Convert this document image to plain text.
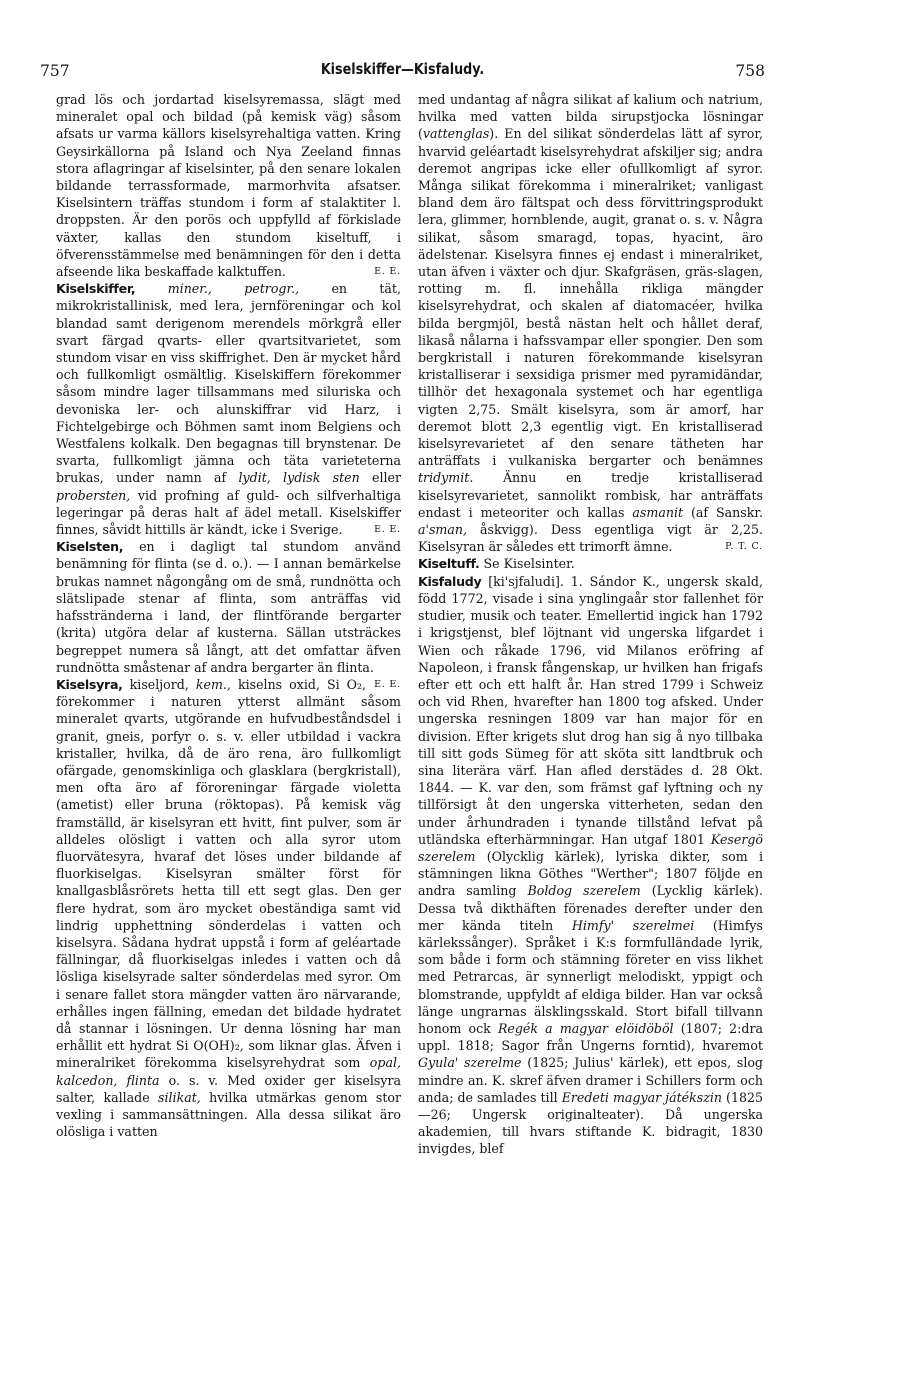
757	Kiselskiffer—Kisfaludy.	758

grad lös och jordartad kiselsyremassa, slägt med mineralet opal och bildad (på kemisk väg) såsom afsats ur varma källors kiselsyrehaltiga vatten. Kring Geysirkällorna på Island och Nya Zeeland finnas stora aflagringar af kiselsinter, på den senare lokalen bildande terrassformade, marmorhvita afsatser. Kiselsintern träffas stundom i form af stalaktiter l. droppsten. Är den porös och uppfylld af förkislade växter, kallas den stundom kiseltuff, i öfverensstämmelse med benämningen för den i detta afseende lika beskaffade kalktuffen.	E. E.

Kiselskiffer,	miner., petrogr.,	en tät, mikrokristallinisk, med lera, jernföreningar och kol blandad samt derigenom merendels mörkgrå eller svart färgad qvarts- eller qvartsitvarietet, som stundom visar en viss skiffrighet. Den är mycket hård och fullkomligt osmältlig. Kiselskiffern förekommer såsom mindre lager tillsammans med siluriska och devoniska ler- och alunskiffrar vid Harz, i Fichtelgebirge och Böhmen samt inom Belgiens och Westfalens kolkalk. Den begagnas till brynstenar. De svarta, fullkomligt jämna och täta varieteterna brukas, under namn af lydit, lydisk sten eller probersten, vid profning af guld- och silfverhaltiga legeringar på deras halt af ädel metall. Kiselskiffer finnes, såvidt hittills är kändt, icke i Sverige.	E. E.

Kiselsten, en i dagligt tal stundom använd benämning för flinta (se d. o.). — I annan bemärkelse brukas namnet någongång om de små, rundnötta och slätslipade stenar af flinta, som anträffas vid hafsstränderna i land, der flintförande bergarter (krita) utgöra delar af kusterna. Sällan utsträckes begreppet numera så långt, att det omfattar äfven rundnötta småstenar af andra bergarter än flinta.
E. E.

Kiselsyra, kiseljord, kem., kiselns oxid, Si O₂, förekommer i naturen ytterst allmänt såsom mineralet qvarts, utgörande en hufvudbeståndsdel i granit, gneis, porfyr o. s. v. eller utbildad i vackra kristaller, hvilka, då de äro rena, äro fullkomligt ofärgade, genomskinliga och glasklara (bergkristall), men ofta äro af föroreningar färgade violetta (ametist) eller bruna (röktopas). På kemisk väg framställd, är kiselsyran ett hvitt, fint pulver, som är alldeles olösligt i vatten och alla syror utom fluorvätesyra, hvaraf det löses under bildande af fluorkiselgas. Kiselsyran smälter först för knallgasblåsrörets hetta till ett segt glas. Den ger flere hydrat, som äro mycket obeständiga samt vid lindrig upphettning sönderdelas i vatten och kiselsyra. Sådana hydrat uppstå i form af geléartade fällningar, då fluorkiselgas inledes i vatten och då lösliga kiselsyrade salter sönderdelas med syror. Om i senare fallet stora mängder vatten äro närvarande, erhålles ingen fällning, emedan det bildade hydratet då stannar i lösningen. Ur denna lösning har man erhållit ett hydrat Si O(OH)₂, som liknar glas. Äfven i mineralriket förekomma kiselsyrehydrat som opal, kalcedon, flinta o. s. v. Med oxider ger kiselsyra salter, kallade silikat, hvilka utmärkas genom stor vexling i sammansättningen. Alla dessa silikat äro olösliga i vatten

med undantag af några silikat af kalium och natrium, hvilka med vatten bilda sirupstjocka lösningar (vattenglas). En del silikat sönderdelas lätt af syror, hvarvid geléartadt kiselsyrehydrat afskiljer sig; andra deremot angripas icke eller ofullkomligt af syror. Många silikat förekomma i mineralriket; vanligast bland dem äro fältspat och dess förvittringsprodukt lera, glimmer, hornblende, augit, granat o. s. v. Några silikat, såsom smaragd, topas, hyacint, äro ädelstenar. Kiselsyra finnes ej endast i mineralriket, utan äfven i växter och djur. Skafgräsen, gräs-slagen, rotting m. fl. innehålla rikliga mängder kiselsyrehydrat, och skalen af diatomacéer, hvilka bilda bergmjöl, bestå nästan helt och hållet deraf, likaså nålarna i hafssvampar eller spongier. Den som bergkristall i naturen förekommande kiselsyran kristalliserar i sexsidiga prismer med pyramidändar, tillhör det hexagonala systemet och har egentliga vigten 2,75. Smält kiselsyra, som är amorf, har deremot blott 2,3 egentlig vigt. En kristalliserad kiselsyrevarietet af den senare tätheten har anträffats i vulkaniska bergarter och benämnes tridymit. Ännu en tredje kristalliserad kiselsyrevarietet, sannolikt rombisk, har anträffats endast i meteoriter och kallas asmanit (af Sanskr. a'sman, åskvigg). Dess egentliga vigt är 2,25. Kiselsyran är således ett trimorft ämne.	P. T. C.

Kiseltuff. Se Kiselsinter.

Kisfaludy [ki'sjfaludi]. 1. Sándor K., ungersk skald, född 1772, visade i sina ynglingaår stor fallenhet för studier, musik och teater. Emellertid ingick han 1792 i krigstjenst, blef löjtnant vid ungerska lifgardet i Wien och råkade 1796, vid Milanos eröfring af Napoleon, i fransk fångenskap, ur hvilken han frigafs efter ett och ett halft år. Han stred 1799 i Schweiz och vid Rhen, hvarefter han 1800 tog afsked. Under ungerska resningen 1809 var han major för en division. Efter krigets slut drog han sig å nyo tillbaka till sitt gods Sümeg för att sköta sitt landtbruk och sina literära värf. Han afled derstädes d. 28 Okt. 1844. — K. var den, som främst gaf lyftning och ny tillförsigt åt den ungerska vitterheten, sedan den under århundraden i tynande tillstånd lefvat på utländska efterhärmningar. Han utgaf 1801 Kesergö szerelem (Olycklig kärlek), lyriska dikter, som i stämningen likna Göthes "Werther"; 1807 följde en andra samling Boldog szerelem (Lycklig kärlek). Dessa två dikthäften förenades derefter under den mer kända titeln Himfy' szerelmei (Himfys kärlekssånger). Språket i K:s formfulländade lyrik, som både i form och stämning företer en viss likhet med Petrarcas, är synnerligt melodiskt, yppigt och blomstrande, uppfyldt af eldiga bilder. Han var också länge ungrarnas älsklingsskald. Stort bifall tillvann honom ock Regék a magyar elöidöböl (1807; 2:dra uppl. 1818; Sagor från Ungerns forntid), hvaremot Gyula' szerelme (1825; Julius' kärlek), ett epos, slog mindre an. K. skref äfven dramer i Schillers form och anda; de samlades till Eredeti magyar játékszin (1825—26; Ungersk originalteater). Då ungerska akademien, till hvars stiftande K. bidragit, 1830 invigdes, blef
